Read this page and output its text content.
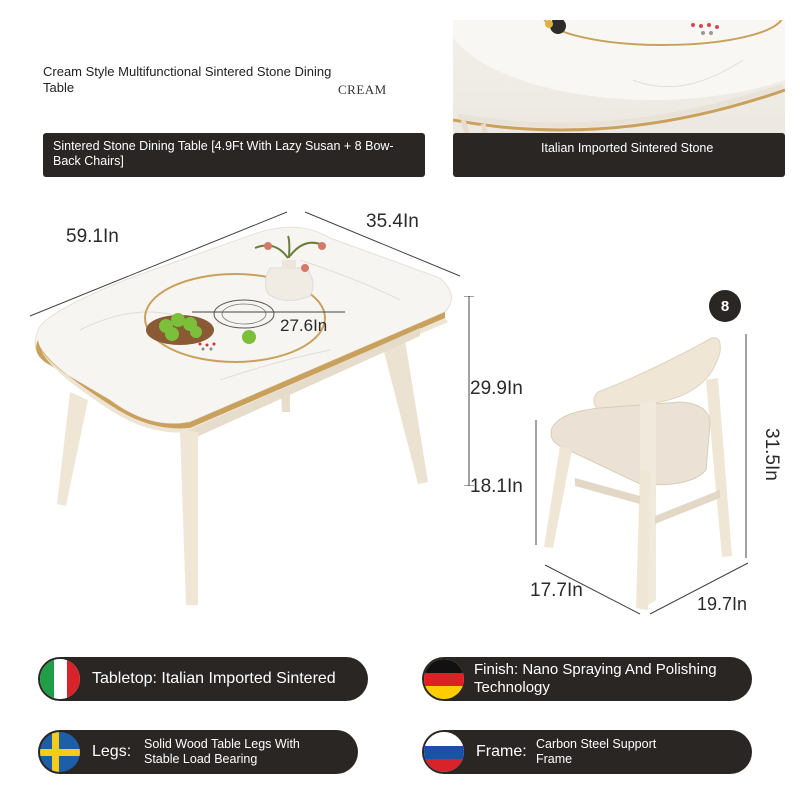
Cream Style Multifunctional Sintered Stone Dining Table	CREAM
Sintered Stone Dining Table [4.9Ft With Lazy Susan + 8 Bow-Back Chairs]
Italian Imported Sintered Stone
59.1In
35.4In
27.6In
29.9In
18.1In
8
31.5In
17.7In
19.7In
Tabletop: Italian Imported Sintered
Finish: Nano Spraying And Polishing Technology
Legs:	Solid Wood Table Legs With Stable Load Bearing	Frame: Carbon Steel Support Frame
